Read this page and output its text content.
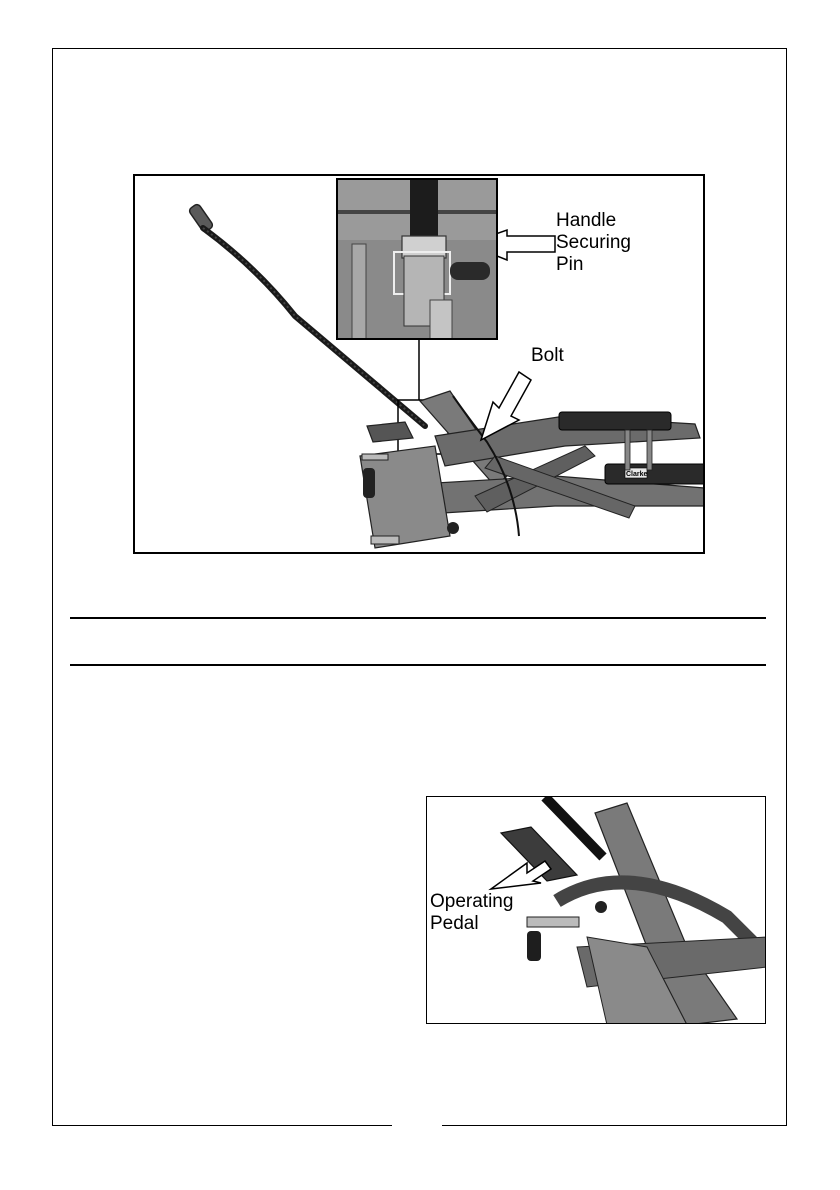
Clarke
Handle
Securing
Pin
Bolt
Operating
Pedal
